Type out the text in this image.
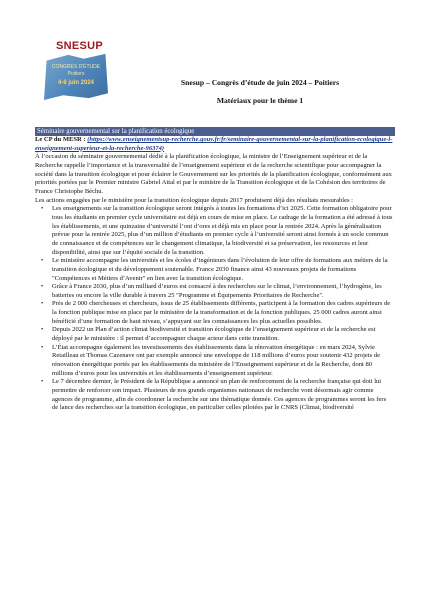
SNESUP
CONGRÈS D'ÉTUDE
Poitiers
4-6 juin 2024	Snesup – Congrès d’étude de juin 2024 – Poitiers
Matériaux pour le thème 1
Séminaire gouvernemental sur la planification écologique

Le CP du MESR : (https://www.enseignementsup-recherche.gouv.fr/fr/seminaire-gouvernemental-sur-la-planification-ecologique-l-enseignement-superieur-et-la-recherche-96374)

À l’occasion du séminaire gouvernemental dédié à la planification écologique, la ministre de l’Enseignement supérieur et de la Recherche rappelle l’importance et la transversalité de l’enseignement supérieur et de la recherche scientifique pour accompagner la société dans la transition écologique et pour éclairer le Gouvernement sur les priorités de la planification écologique, conformément aux priorités portées par le Premier ministre Gabriel Attal et par le ministre de la Transition écologique et de la Cohésion des territoires de France Christophe Béchu.

Les actions engagées par le ministère pour la transition écologique depuis 2017 produisent déjà des résultats mesurables :

• Les enseignements sur la transition écologique seront intégrés à toutes les formations d’ici 2025. Cette formation obligatoire pour tous les étudiants en premier cycle universitaire est déjà en cours de mise en place. Le cadrage de la formation a été adressé à tous les établissements, et une quinzaine d’université l’ont d’ores et déjà mis en place pour la rentrée 2024. Après la généralisation prévue pour la rentrée 2025, plus d’un million d’étudiants en premier cycle à l’université seront ainsi formés à un socle commun de connaissance et de compétences sur le changement climatique, la biodiversité et sa préservation, les ressources et leur disponibilité, ainsi que sur l’équité sociale de la transition.
• Le ministère accompagne les universités et les écoles d’ingénieurs dans l’évolution de leur offre de formations aux métiers de la transition écologique et du développement soutenable. France 2030 finance ainsi 43 nouveaux projets de formations "Compétences et Métiers d’Avenir" en lien avec la transition écologique.
• Grâce à France 2030, plus d’un milliard d’euros est consacré à des recherches sur le climat, l’environnement, l’hydrogène, les batteries ou encore la ville durable à travers 25 "Programme et Équipements Prioritaires de Recherche".
• Près de 2 000 chercheuses et chercheurs, issus de 25 établissements différents, participent à la formation des cadres supérieurs de la fonction publique mise en place par le ministère de la transformation et de la fonction publiques. 25 000 cadres auront ainsi bénéficié d’une formation de haut niveau, s’appuyant sur les connaissances les plus actuelles possibles.
• Depuis 2022 un Plan d’action climat biodiversité et transition écologique de l’enseignement supérieur et de la recherche est déployé par le ministère : il permet d’accompagner chaque acteur dans cette transition.
• L’État accompagne également les investissements des établissements dans la rénovation énergétique : en mars 2024, Sylvie Retailleau et Thomas Cazenave ont par exemple annoncé une enveloppe de 118 millions d’euros pour soutenir 432 projets de rénovation énergétique portés par les établissements du ministère de l’Enseignement supérieur et de la Recherche, dont 80 millions d’euros pour les universités et les établissements d’enseignement supérieur.
• Le 7 décembre dernier, le Président de la République a annoncé un plan de renforcement de la recherche française qui doit lui permettre de renforcer son impact. Plusieurs de nos grands organismes nationaux de recherche vont désormais agir comme agences de programme, afin de coordonner la recherche sur une thématique donnée. Ces agences de programmes seront les fers de lance des recherches sur la transition écologique, en particulier celles pilotées par le CNRS (Climat, biodiversité
